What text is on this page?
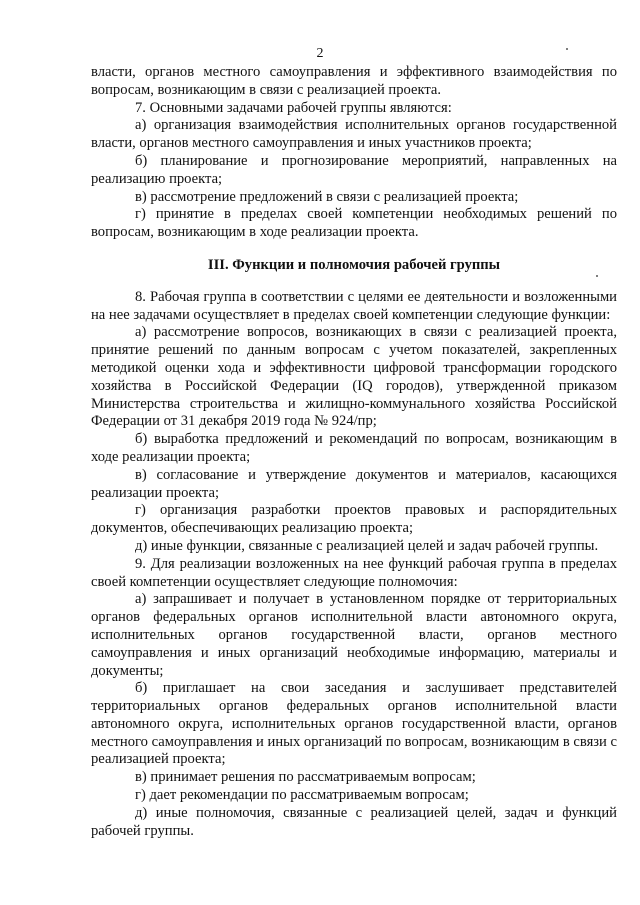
2

власти, органов местного самоуправления и эффективного взаимодействия по вопросам, возникающим в связи с реализацией проекта.

7. Основными задачами рабочей группы являются:

а) организация взаимодействия исполнительных органов государственной власти, органов местного самоуправления и иных участников проекта;

б) планирование и прогнозирование мероприятий, направленных на реализацию проекта;

в) рассмотрение предложений в связи с реализацией проекта;

г) принятие в пределах своей компетенции необходимых решений по вопросам, возникающим в ходе реализации проекта.

III. Функции и полномочия рабочей группы

8. Рабочая группа в соответствии с целями ее деятельности и возложенными на нее задачами осуществляет в пределах своей компетенции следующие функции:

а) рассмотрение вопросов, возникающих в связи с реализацией проекта, принятие решений по данным вопросам с учетом показателей, закрепленных методикой оценки хода и эффективности цифровой трансформации городского хозяйства в Российской Федерации (IQ городов), утвержденной приказом Министерства строительства и жилищно-коммунального хозяйства Российской Федерации от 31 декабря 2019 года № 924/пр;

б) выработка предложений и рекомендаций по вопросам, возникающим в ходе реализации проекта;

в) согласование и утверждение документов и материалов, касающихся реализации проекта;

г) организация разработки проектов правовых и распорядительных документов, обеспечивающих реализацию проекта;

д) иные функции, связанные с реализацией целей и задач рабочей группы.

9. Для реализации возложенных на нее функций рабочая группа в пределах своей компетенции осуществляет следующие полномочия:

а) запрашивает и получает в установленном порядке от территориальных органов федеральных органов исполнительной власти автономного округа, исполнительных органов государственной власти, органов местного самоуправления и иных организаций необходимые информацию, материалы и документы;

б) приглашает на свои заседания и заслушивает представителей территориальных органов федеральных органов исполнительной власти автономного округа, исполнительных органов государственной власти, органов местного самоуправления и иных организаций по вопросам, возникающим в связи с реализацией проекта;

в) принимает решения по рассматриваемым вопросам;

г) дает рекомендации по рассматриваемым вопросам;

д) иные полномочия, связанные с реализацией целей, задач и функций рабочей группы.
